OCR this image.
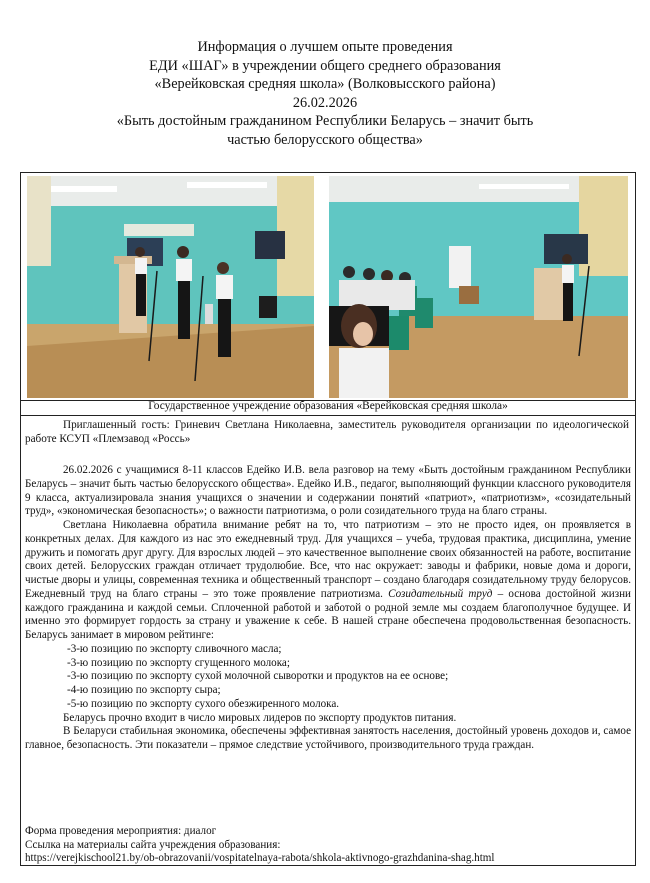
Информация о лучшем опыте проведения
ЕДИ «ШАГ» в учреждении общего среднего образования
«Верейковская средняя школа» (Волковысского района)
26.02.2026
«Быть достойным гражданином Республики Беларусь – значит быть
частью белорусского общества»
Государственное учреждение образования «Верейковская средняя школа»
Приглашенный гость: Гриневич Светлана Николаевна, заместитель руководителя организации по идеологической работе КСУП «Племзавод «Россь»

26.02.2026 с учащимися 8-11 классов Едейко И.В. вела разговор на тему «Быть достойным гражданином Республики Беларусь – значит быть частью белорусского общества». Едейко И.В., педагог, выполняющий функции классного руководителя 9 класса, актуализировала знания учащихся о значении и содержании понятий «патриот», «патриотизм», «созидательный труд», «экономическая безопасность»; о важности патриотизма, о роли созидательного труда на благо страны.

Светлана Николаевна обратила внимание ребят на то, что патриотизм – это не просто идея, он проявляется в конкретных делах. Для каждого из нас это ежедневный труд. Для учащихся – учеба, трудовая практика, дисциплина, умение дружить и помогать друг другу. Для взрослых людей – это качественное выполнение своих обязанностей на работе, воспитание своих детей. Белорусских граждан отличает трудолюбие. Все, что нас окружает: заводы и фабрики, новые дома и дороги, чистые дворы и улицы, современная техника и общественный транспорт – создано благодаря созидательному труду белорусов. Ежедневный труд на благо страны – это тоже проявление патриотизма. Созидательный труд – основа достойной жизни каждого гражданина и каждой семьи. Сплоченной работой и заботой о родной земле мы создаем благополучное будущее. И именно это формирует гордость за страну и уважение к себе. В нашей стране обеспечена продовольственная безопасность. Беларусь занимает в мировом рейтинге:

-3-ю позицию по экспорту сливочного масла;

-3-ю позицию по экспорту сгущенного молока;

-3-ю позицию по экспорту сухой молочной сыворотки и продуктов на ее основе;

-4-ю позицию по экспорту сыра;

-5-ю позицию по экспорту сухого обезжиренного молока.

Беларусь прочно входит в число мировых лидеров по экспорту продуктов питания.

В Беларуси стабильная экономика, обеспечены эффективная занятость населения, достойный уровень доходов и, самое главное, безопасность. Эти показатели – прямое следствие устойчивого, производительного труда граждан.

Форма проведения мероприятия: диалог
Ссылка на материалы сайта учреждения образования:
https://verejkischool21.by/ob-obrazovanii/vospitatelnaya-rabota/shkola-aktivnogo-grazhdanina-shag.html
